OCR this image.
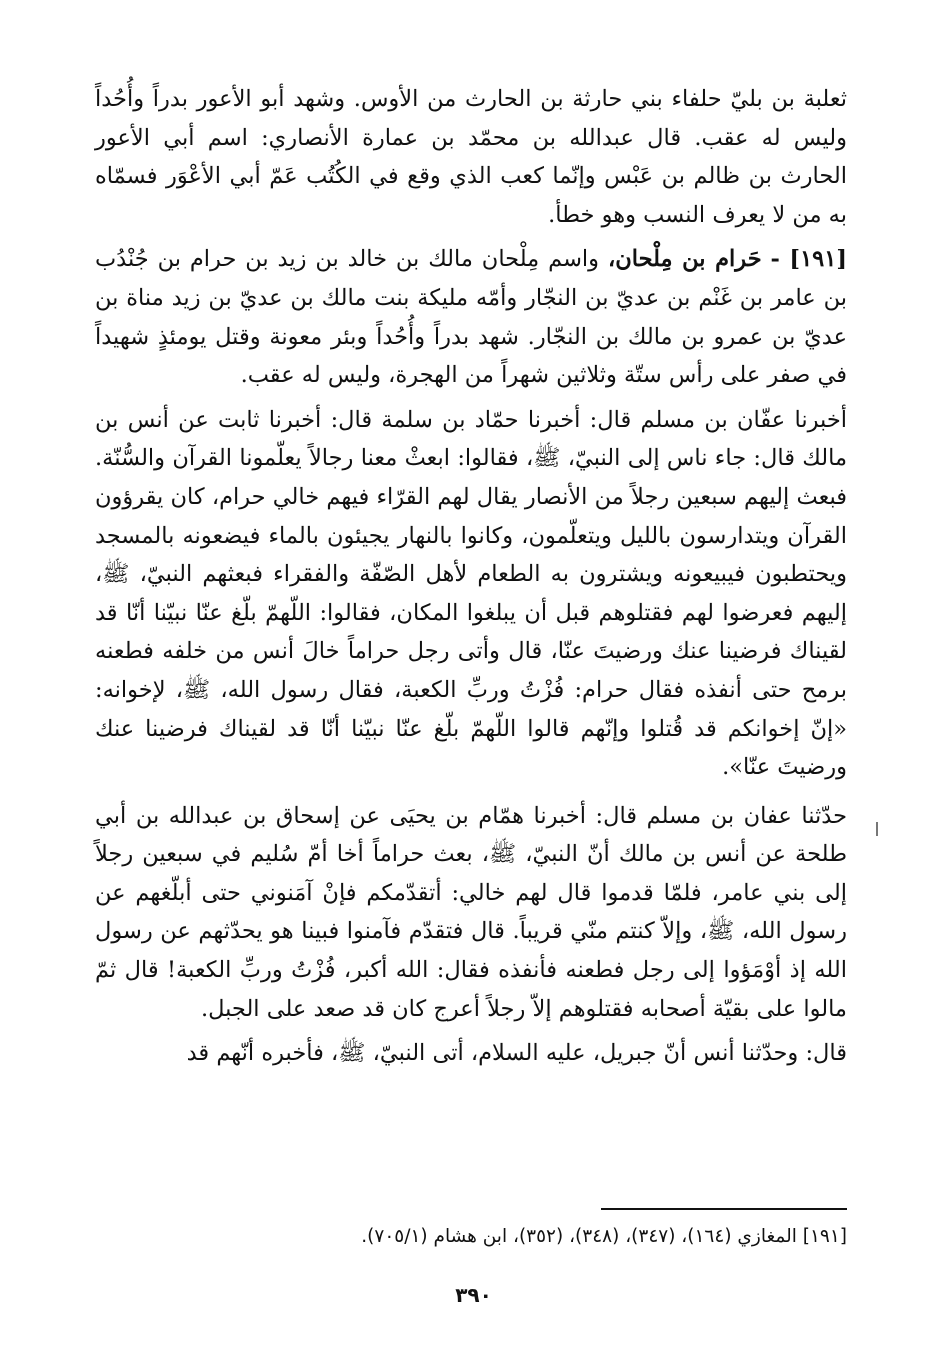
ثعلبة بن بليّ حلفاء بني حارثة بن الحارث من الأوس. وشهد أبو الأعور بدراً وأُحُداً وليس له عقب. قال عبدالله بن محمّد بن عمارة الأنصاري: اسم أبي الأعور الحارث بن ظالم بن عَبْس وإنّما كعب الذي وقع في الكُتُب عَمّ أبي الأعْوَر فسمّاه به من لا يعرف النسب وهو خطأ.

[١٩١] - حَرام بن مِلْحان، واسم مِلْحان مالك بن خالد بن زيد بن حرام بن جُنْدُب بن عامر بن غَنْم بن عديّ بن النجّار وأمّه مليكة بنت مالك بن عديّ بن زيد مناة بن عديّ بن عمرو بن مالك بن النجّار. شهد بدراً وأُحُداً وبئر معونة وقتل يومئذٍ شهيداً في صفر على رأس ستّة وثلاثين شهراً من الهجرة، وليس له عقب.

أخبرنا عفّان بن مسلم قال: أخبرنا حمّاد بن سلمة قال: أخبرنا ثابت عن أنس بن مالك قال: جاء ناس إلى النبيّ، ﷺ، فقالوا: ابعثْ معنا رجالاً يعلّمونا القرآن والسُّنّة. فبعث إليهم سبعين رجلاً من الأنصار يقال لهم القرّاء فيهم خالي حرام، كان يقرؤون القرآن ويتدارسون بالليل ويتعلّمون، وكانوا بالنهار يجيئون بالماء فيضعونه بالمسجد ويحتطبون فيبيعونه ويشترون به الطعام لأهل الصّفّة والفقراء فبعثهم النبيّ، ﷺ، إليهم فعرضوا لهم فقتلوهم قبل أن يبلغوا المكان، فقالوا: اللّهمّ بلّغ عنّا نبيّنا أنّا قد لقيناك فرضينا عنك ورضيتَ عنّا، قال وأتى رجل حراماً خالَ أنس من خلفه فطعنه برمح حتى أنفذه فقال حرام: فُزْتُ وربِّ الكعبة، فقال رسول الله، ﷺ، لإخوانه: «إنّ إخوانكم قد قُتلوا وإنّهم قالوا اللّهمّ بلّغ عنّا نبيّنا أنّا قد لقيناك فرضينا عنك ورضيتَ عنّا».

حدّثنا عفان بن مسلم قال: أخبرنا همّام بن يحيَى عن إسحاق بن عبدالله بن أبي طلحة عن أنس بن مالك أنّ النبيّ، ﷺ، بعث حراماً أخا أمّ سُليم في سبعين رجلاً إلى بني عامر، فلمّا قدموا قال لهم خالي: أتقدّمكم فإنْ آمَنوني حتى أبلّغهم عن رسول الله، ﷺ، وإلاّ كنتم منّي قريباً. قال فتقدّم فآمنوا فبينا هو يحدّثهم عن رسول الله إذ أوْمَؤوا إلى رجل فطعنه فأنفذه فقال: الله أكبر، فُزْتُ وربِّ الكعبة! قال ثمّ مالوا على بقيّة أصحابه فقتلوهم إلاّ رجلاً أعرج كان قد صعد على الجبل.

قال: وحدّثنا أنس أنّ جبريل، عليه السلام، أتى النبيّ، ﷺ، فأخبره أنّهم قد

[١٩١] المغازي (١٦٤)، (٣٤٧)، (٣٤٨)، (٣٥٢)، ابن هشام (٧٠٥/١).
٣٩٠
